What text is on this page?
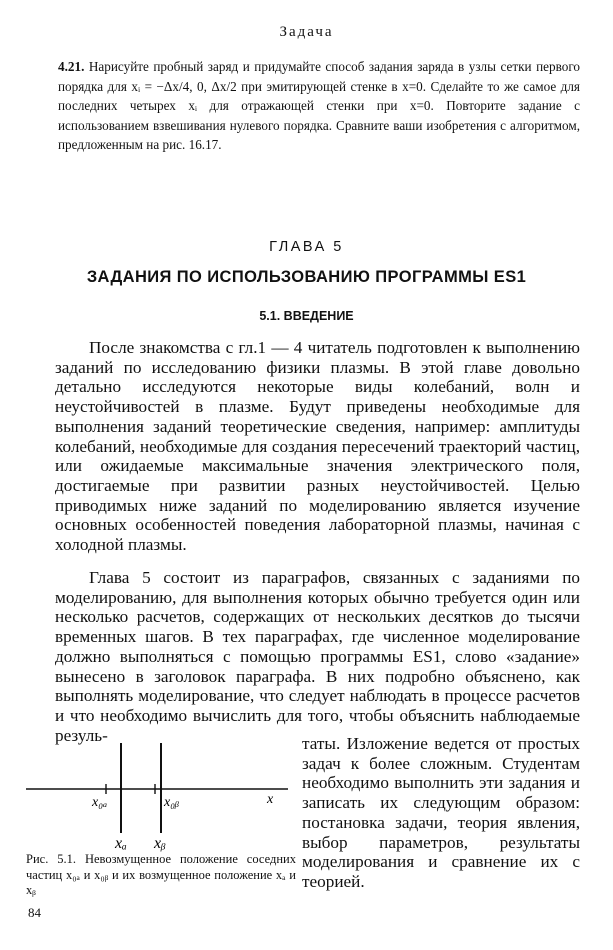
Задача

4.21. Нарисуйте пробный заряд и придумайте способ задания заряда в узлы сетки первого порядка для xᵢ = −Δx/4, 0, Δx/2 при эмитирующей стенке в x=0. Сделайте то же самое для последних четырех xᵢ для отражающей стенки при x=0. Повторите задание с использованием взвешивания нулевого порядка. Сравните ваши изобретения с алгоритмом, предложенным на рис. 16.17.

ГЛАВА 5
ЗАДАНИЯ ПО ИСПОЛЬЗОВАНИЮ ПРОГРАММЫ ES1
5.1. ВВЕДЕНИЕ

После знакомства с гл.1 — 4 читатель подготовлен к выполнению заданий по исследованию физики плазмы. В этой главе довольно детально исследуются некоторые виды колебаний, волн и неустойчивостей в плазме. Будут приведены необходимые для выполнения заданий теоретические сведения, например: амплитуды колебаний, необходимые для создания пересечений траекторий частиц, или ожидаемые максимальные значения электрического поля, достигаемые при развитии разных неустойчивостей. Целью приводимых ниже заданий по моделированию является изучение основных особенностей поведения лабораторной плазмы, начиная с холодной плазмы.

Глава 5 состоит из параграфов, связанных с заданиями по моделированию, для выполнения которых обычно требуется один или несколько расчетов, содержащих от нескольких десятков до тысячи временных шагов. В тех параграфах, где численное моделирование должно выполняться с помощью программы ES1, слово «задание» вынесено в заголовок параграфа. В них подробно объяснено, как выполнять моделирование, что следует наблюдать в процессе расчетов и что необходимо вычислить для того, чтобы объяснить наблюдаемые резуль-	таты. Изложение ведется от простых задач к более сложным. Студентам необходимо выполнить эти задания и записать их следующим образом: постановка задачи, теория явления, выбор параметров, результаты моделирования и сравнение их с теорией.

x₀ₐ	x₀ᵦ	x
xₐ xᵦ

Рис. 5.1. Невозмущенное положение соседних частиц x₀ₐ и x₀ᵦ и их возмущенное положение xₐ и xᵦ

84
